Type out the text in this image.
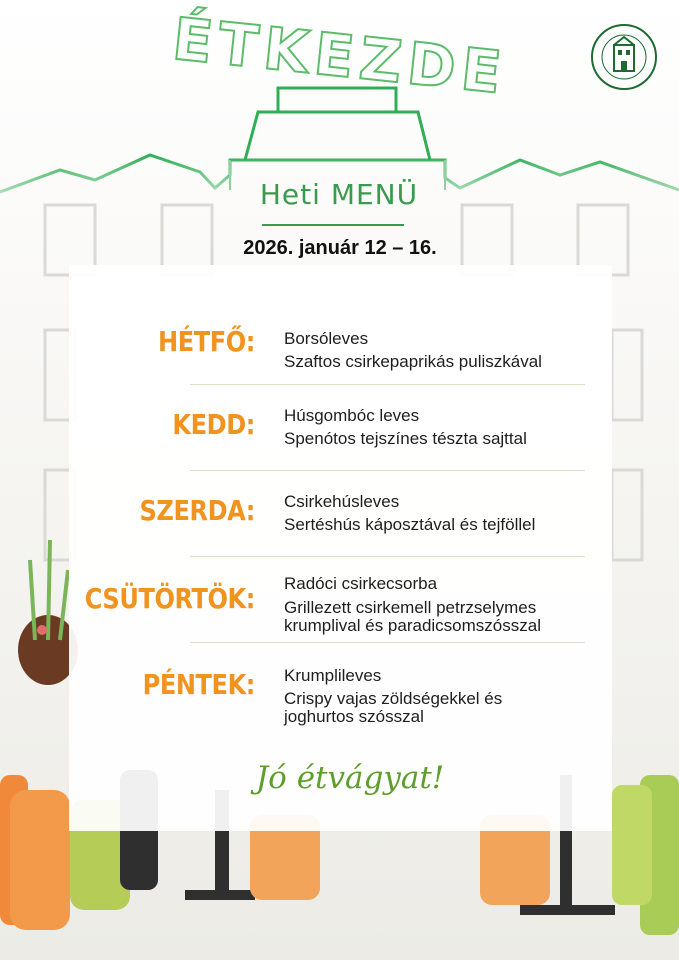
ÉTKEZDE
Heti MENÜ
2026. január 12 – 16.
HÉTFŐ: Borsóleves
Szaftos csirkepaprikás puliszkával
KEDD: Húsgombóc leves
Spenótos tejszínes tészta sajttal
SZERDA: Csirkehúsleves
Sertéshús káposztával és tejföllel
CSÜTÖRTÖK: Radóci csirkecsorba
Grillezett csirkemell petrzselymes
krumplival és paradicsomszósszal
PÉNTEK: Krumplileves
Crispy vajas zöldségekkel és
joghurtos szósszal
Jó étvágyat!
